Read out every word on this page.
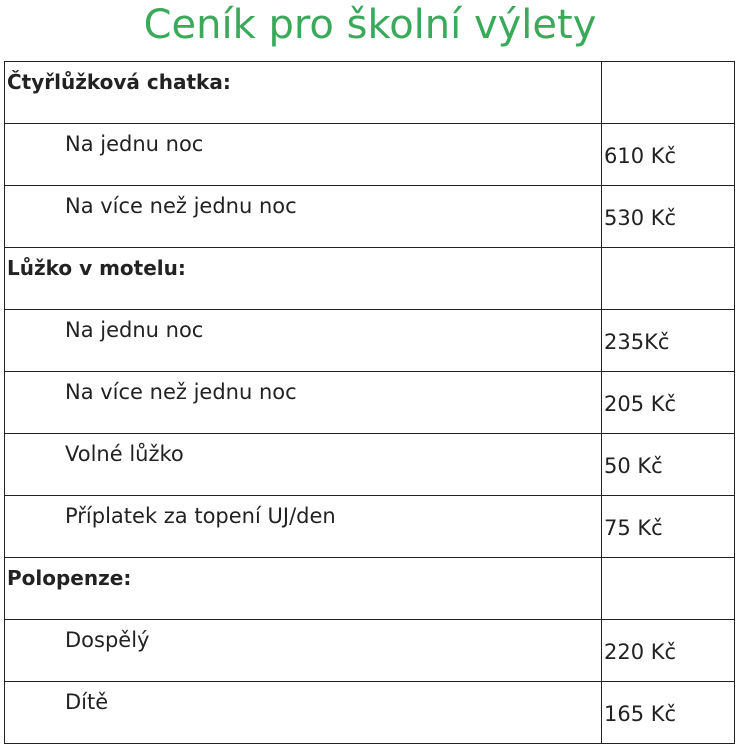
Ceník pro školní výlety
Čtyřlůžková chatka:	

Na jednu noc	610 Kč

Na více než jednu noc	530 Kč

Lůžko v motelu:	

Na jednu noc	235Kč

Na více než jednu noc	205 Kč

Volné lůžko	50 Kč

Příplatek za topení UJ/den	75 Kč

Polopenze:	

Dospělý	220 Kč

Dítě	165 Kč
